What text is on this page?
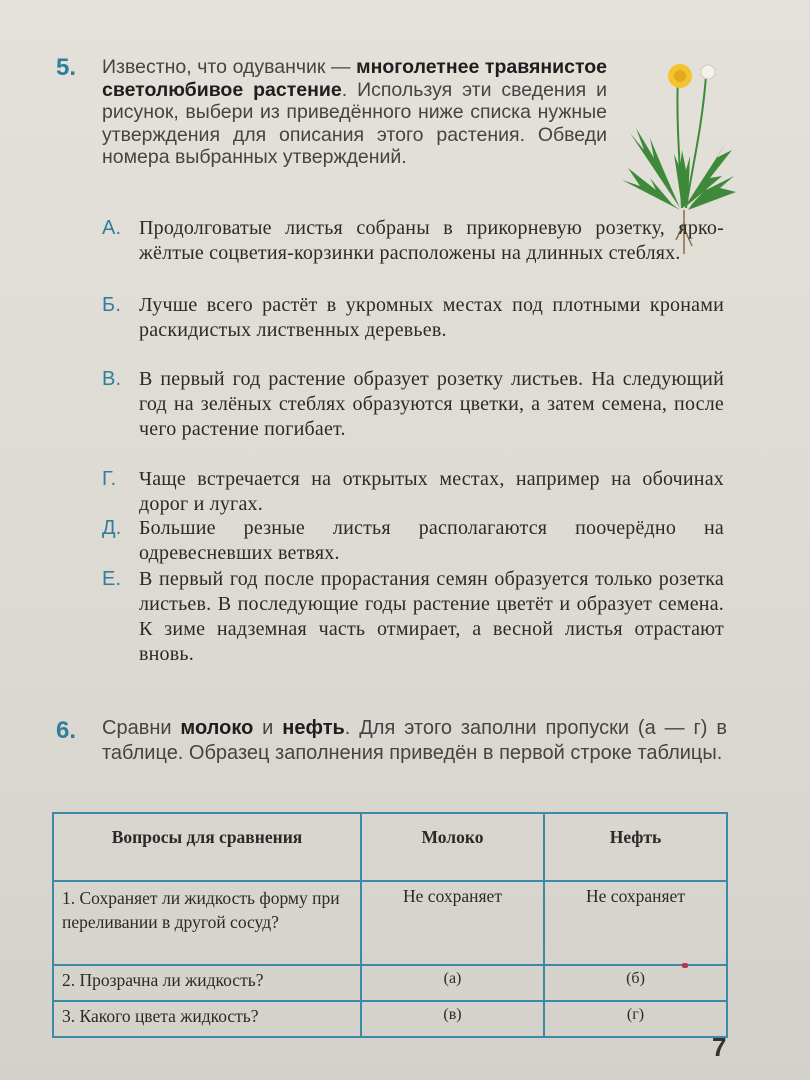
5. Известно, что одуванчик — многолетнее травянистое светолюбивое растение. Используя эти сведения и рисунок, выбери из приведённого ниже списка нужные утверждения для описания этого растения. Обведи номера выбранных утверждений.
А. Продолговатые листья собраны в прикорневую розетку, ярко-жёлтые соцветия-корзинки расположены на длинных стеблях.
Б. Лучше всего растёт в укромных местах под плотными кронами раскидистых лиственных деревьев.
В. В первый год растение образует розетку листьев. На следующий год на зелёных стеблях образуются цветки, а затем семена, после чего растение погибает.
Г. Чаще встречается на открытых местах, например на обочинах дорог и лугах.
Д. Большие резные листья располагаются поочерёдно на одревесневших ветвях.
Е. В первый год после прорастания семян образуется только розетка листьев. В последующие годы растение цветёт и образует семена. К зиме надземная часть отмирает, а весной листья отрастают вновь.
6. Сравни молоко и нефть. Для этого заполни пропуски (а — г) в таблице. Образец заполнения приведён в первой строке таблицы.
Вопросы для сравнения	Молоко	Нефть
1. Сохраняет ли жидкость форму при переливании в другой сосуд?	Не сохраняет	Не сохраняет
2. Прозрачна ли жидкость?	(а)	(б)
3. Какого цвета жидкость?	(в)	(г)
7
